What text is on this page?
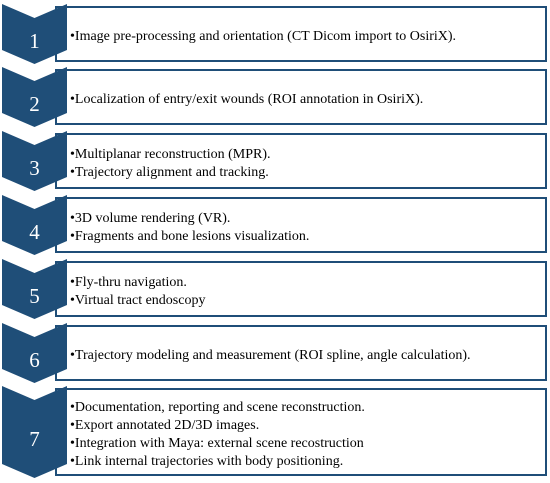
1 •Image pre-processing and orientation (CT Dicom import to OsiriX).
2 •Localization of entry/exit wounds (ROI annotation in OsiriX).
3
•Multiplanar reconstruction (MPR).
•Trajectory alignment and tracking.
4
•3D volume rendering (VR).
•Fragments and bone lesions visualization.
5
•Fly-thru navigation.
•Virtual tract endoscopy
6 •Trajectory modeling and measurement (ROI spline, angle calculation).
7
•Documentation, reporting and scene reconstruction.
•Export annotated 2D/3D images.
•Integration with Maya: external scene recostruction
•Link internal trajectories with body positioning.
